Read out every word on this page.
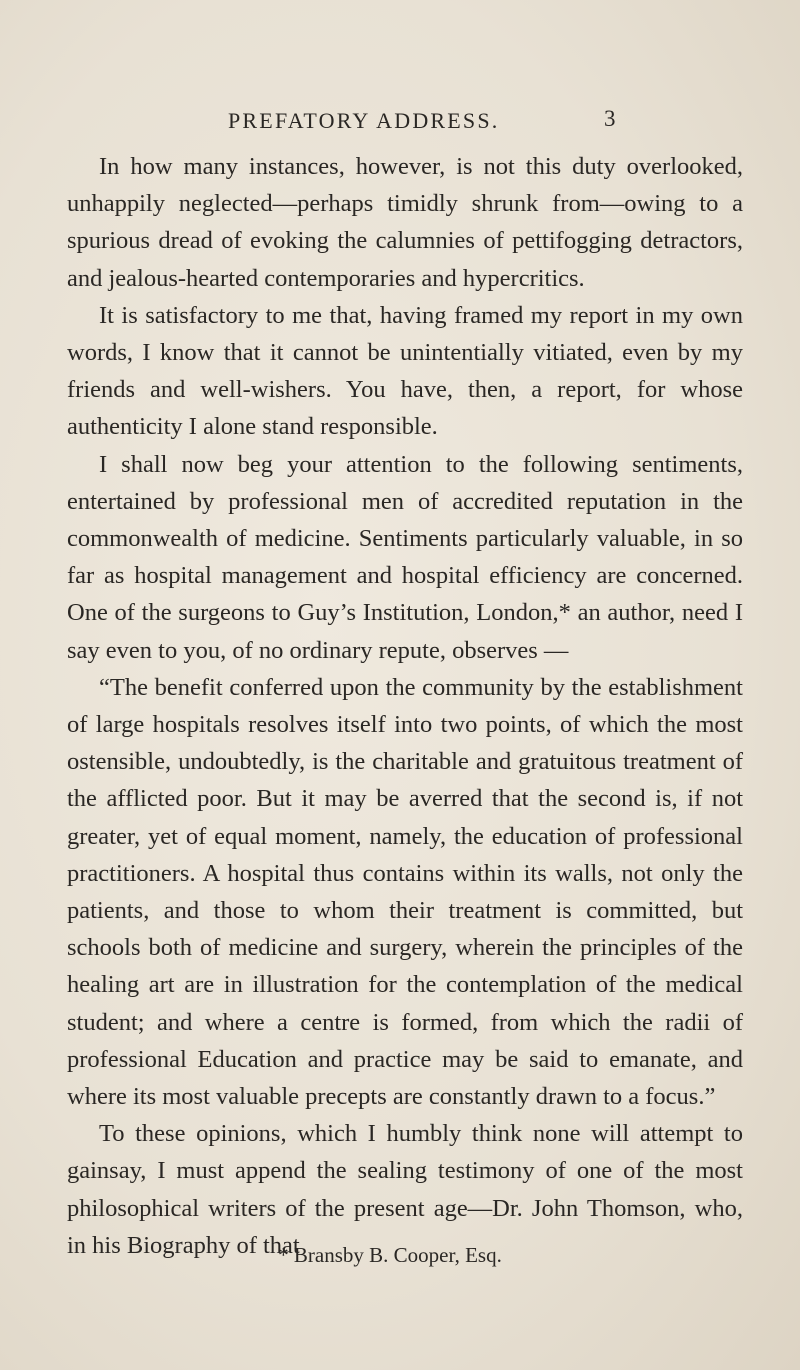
PREFATORY ADDRESS.	3

In how many instances, however, is not this duty overlooked, unhappily neglected—perhaps timidly shrunk from—owing to a spurious dread of evoking the calumnies of pettifogging detractors, and jealous-hearted contemporaries and hypercritics.

It is satisfactory to me that, having framed my report in my own words, I know that it cannot be unintentially vitiated, even by my friends and well-wishers. You have, then, a report, for whose authenticity I alone stand responsible.

I shall now beg your attention to the following sentiments, entertained by professional men of accredited reputation in the commonwealth of medicine. Sentiments particularly valuable, in so far as hospital management and hospital efficiency are concerned. One of the surgeons to Guy’s Institution, London,* an author, need I say even to you, of no ordinary repute, observes —

“The benefit conferred upon the community by the establishment of large hospitals resolves itself into two points, of which the most ostensible, undoubtedly, is the charitable and gratuitous treatment of the afflicted poor. But it may be averred that the second is, if not greater, yet of equal moment, namely, the education of professional practitioners. A hospital thus contains within its walls, not only the patients, and those to whom their treatment is committed, but schools both of medicine and surgery, wherein the principles of the healing art are in illustration for the contemplation of the medical student; and where a centre is formed, from which the radii of professional Education and practice may be said to emanate, and where its most valuable precepts are constantly drawn to a focus.”

To these opinions, which I humbly think none will attempt to gainsay, I must append the sealing testimony of one of the most philosophical writers of the present age—Dr. John Thomson, who, in his Biography of that

* Bransby B. Cooper, Esq.
